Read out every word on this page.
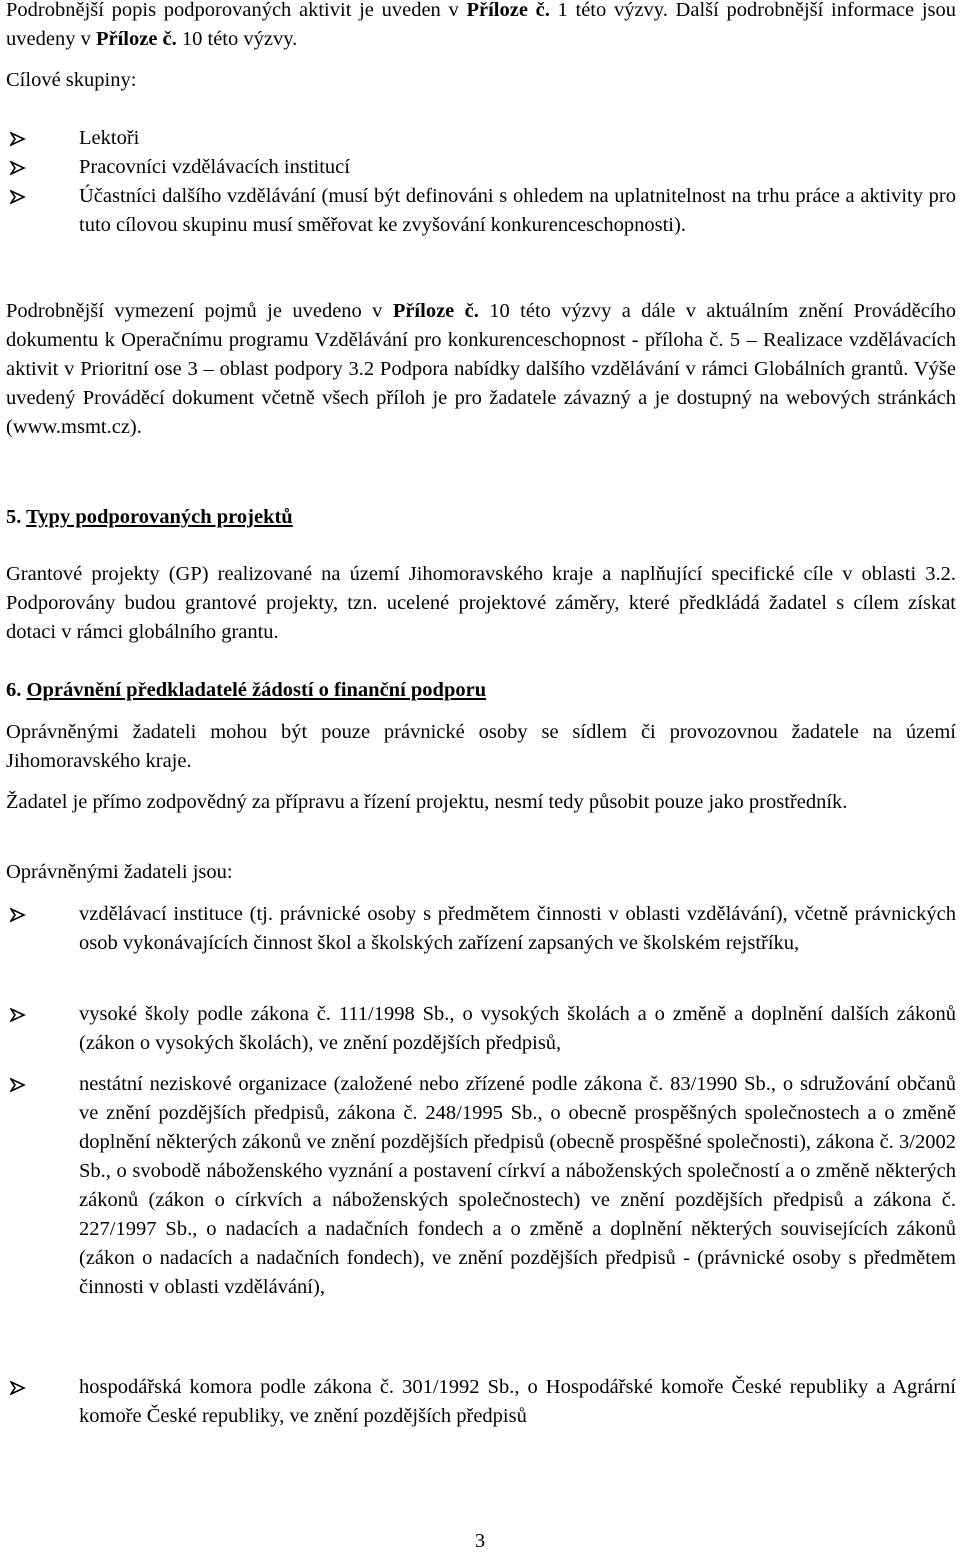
Podrobnější popis podporovaných aktivit je uveden v Příloze č. 1 této výzvy. Další podrobnější informace jsou uvedeny v Příloze č. 10 této výzvy.
Cílové skupiny:
Lektoři
Pracovníci vzdělávacích institucí
Účastníci dalšího vzdělávání (musí být definováni s ohledem na uplatnitelnost na trhu práce a aktivity pro tuto cílovou skupinu musí směřovat ke zvyšování konkurenceschopnosti).
Podrobnější vymezení pojmů je uvedeno v Příloze č. 10 této výzvy a dále v aktuálním znění Prováděcího dokumentu k Operačnímu programu Vzdělávání pro konkurenceschopnost - příloha č. 5 – Realizace vzdělávacích aktivit v Prioritní ose 3 – oblast podpory 3.2 Podpora nabídky dalšího vzdělávání v rámci Globálních grantů. Výše uvedený Prováděcí dokument včetně všech příloh je pro žadatele závazný a je dostupný na webových stránkách (www.msmt.cz).
5. Typy podporovaných projektů
Grantové projekty (GP) realizované na území Jihomoravského kraje a naplňující specifické cíle v oblasti 3.2. Podporovány budou grantové projekty, tzn. ucelené projektové záměry, které předkládá žadatel s cílem získat dotaci v rámci globálního grantu.
6. Oprávnění předkladatelé žádostí o finanční podporu
Oprávněnými žadateli mohou být pouze právnické osoby se sídlem či provozovnou žadatele na území Jihomoravského kraje.
Žadatel je přímo zodpovědný za přípravu a řízení projektu, nesmí tedy působit pouze jako prostředník.
Oprávněnými žadateli jsou:
vzdělávací instituce (tj. právnické osoby s předmětem činnosti v oblasti vzdělávání), včetně právnických osob vykonávajících činnost škol a školských zařízení zapsaných ve školském rejstříku,
vysoké školy podle zákona č. 111/1998 Sb., o vysokých školách a o změně a doplnění dalších zákonů (zákon o vysokých školách), ve znění pozdějších předpisů,
nestátní neziskové organizace (založené nebo zřízené podle zákona č. 83/1990 Sb., o sdružování občanů ve znění pozdějších předpisů, zákona č. 248/1995 Sb., o obecně prospěšných společnostech a o změně doplnění některých zákonů ve znění pozdějších předpisů (obecně prospěšné společnosti), zákona č. 3/2002 Sb., o svobodě náboženského vyznání a postavení církví a náboženských společností a o změně některých zákonů (zákon o církvích a náboženských společnostech) ve znění pozdějších předpisů a zákona č. 227/1997 Sb., o nadacích a nadačních fondech a o změně a doplnění některých souvisejících zákonů (zákon o nadacích a nadačních fondech), ve znění pozdějších předpisů - (právnické osoby s předmětem činnosti v oblasti vzdělávání),
hospodářská komora podle zákona č. 301/1992 Sb., o Hospodářské komoře České republiky a Agrární komoře České republiky, ve znění pozdějších předpisů
3
